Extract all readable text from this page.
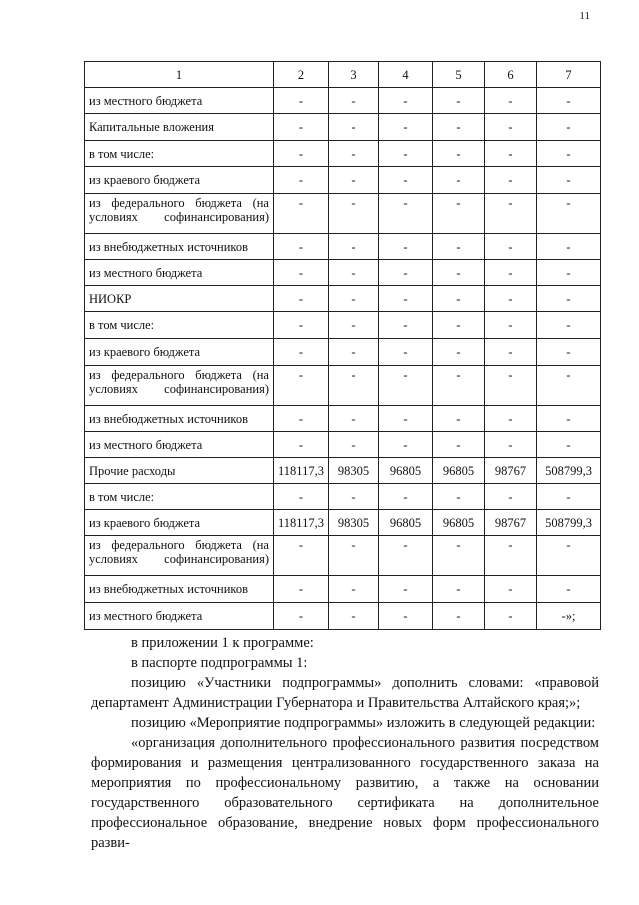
11
1	2	3	4	5	6	7
из местного бюджета	-	-	-	-	-	-
Капитальные вложения	-	-	-	-	-	-
в том числе:	-	-	-	-	-	-
из краевого бюджета	-	-	-	-	-	-
из федерального бюджета (на условиях софинансирования)	-	-	-	-	-	-
из внебюджетных источников	-	-	-	-	-	-
из местного бюджета	-	-	-	-	-	-
НИОКР	-	-	-	-	-	-
в том числе:	-	-	-	-	-	-
из краевого бюджета	-	-	-	-	-	-
из федерального бюджета (на условиях софинансирования)	-	-	-	-	-	-
из внебюджетных источников	-	-	-	-	-	-
из местного бюджета	-	-	-	-	-	-
Прочие расходы	118117,3	98305	96805	96805	98767	508799,3
в том числе:	-	-	-	-	-	-
из краевого бюджета	118117,3	98305	96805	96805	98767	508799,3
из федерального бюджета (на условиях софинансирования)	-	-	-	-	-	-
из внебюджетных источников	-	-	-	-	-	-
из местного бюджета	-	-	-	-	-	-»;

в приложении 1 к программе:

в паспорте подпрограммы 1:

позицию «Участники подпрограммы» дополнить словами: «правовой департамент Администрации Губернатора и Правительства Алтайского края;»;

позицию «Мероприятие подпрограммы» изложить в следующей редакции:

«организация дополнительного профессионального развития посредством формирования и размещения централизованного государственного заказа на мероприятия по профессиональному развитию, а также на основании государственного образовательного сертификата на дополнительное профессиональное образование, внедрение новых форм профессионального разви-
